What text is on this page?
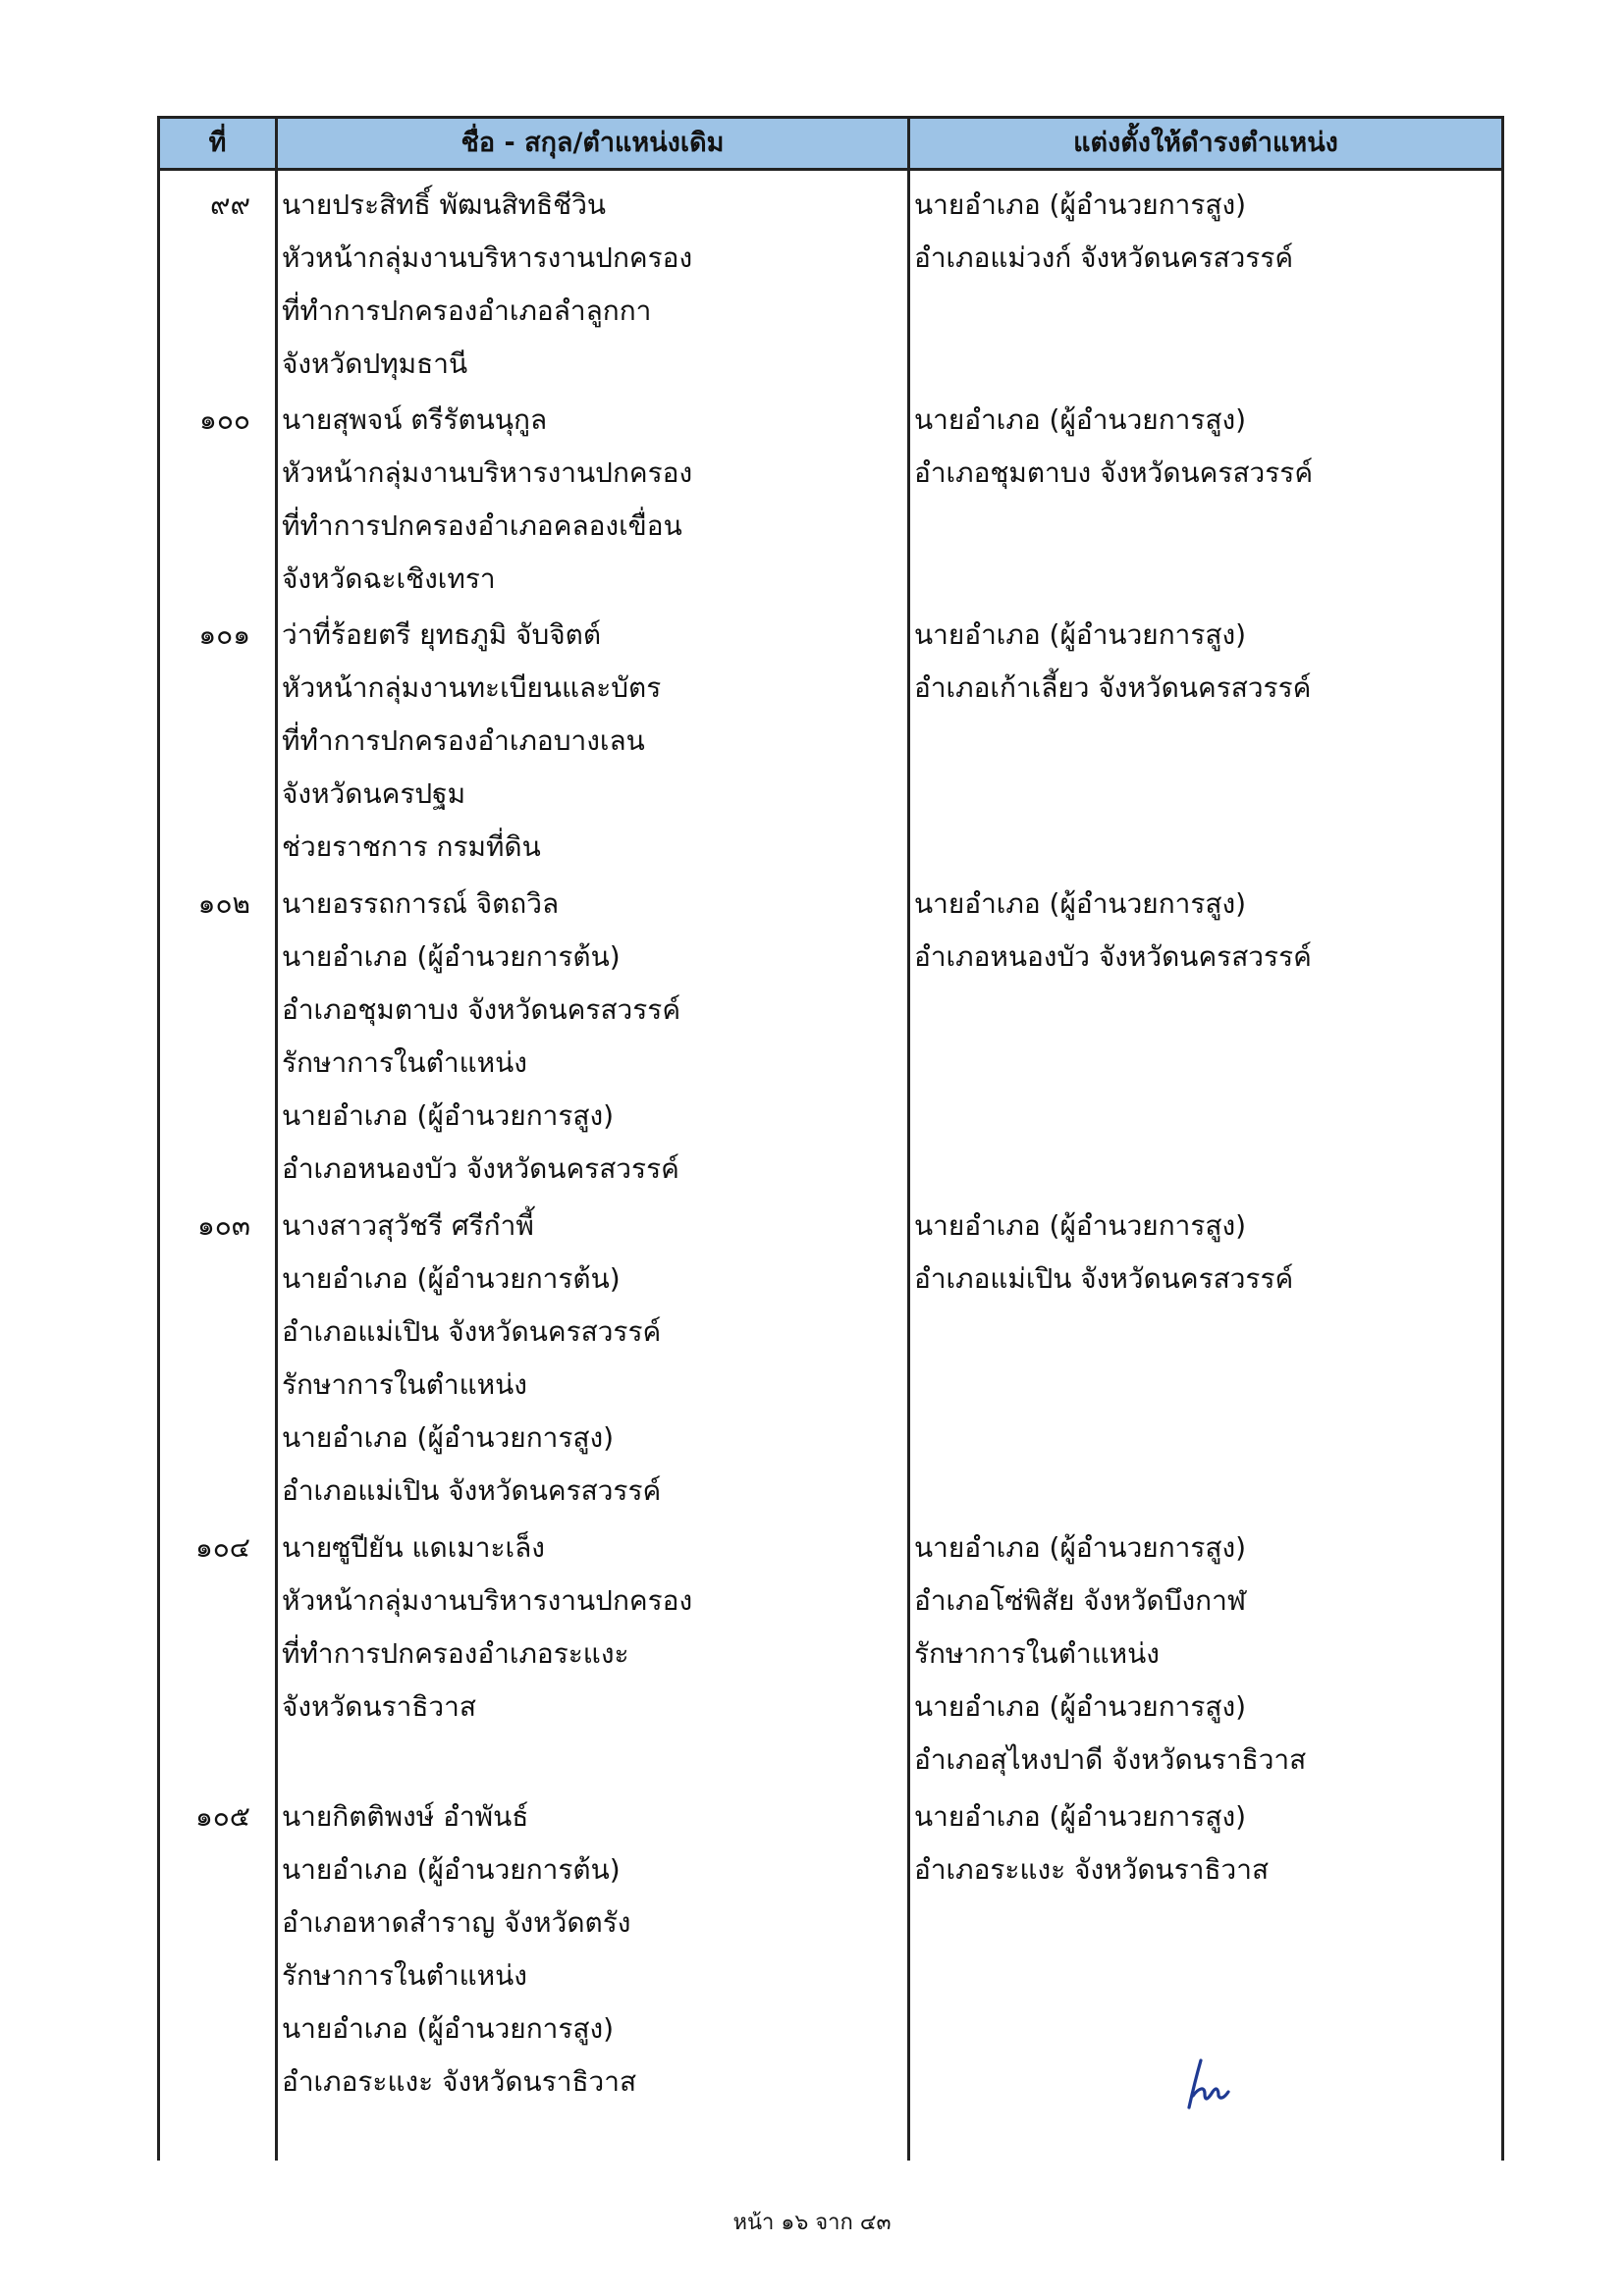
ที่	ชื่อ - สกุล/ตำแหน่งเดิม	แต่งตั้งให้ดำรงตำแหน่ง
๙๙ นายประสิทธิ์ พัฒนสิทธิชีวิน
หัวหน้ากลุ่มงานบริหารงานปกครอง
ที่ทำการปกครองอำเภอลำลูกกา
จังหวัดปทุมธานี
นายอำเภอ (ผู้อำนวยการสูง)
อำเภอแม่วงก์ จังหวัดนครสวรรค์
๑๐๐ นายสุพจน์ ตรีรัตนนุกูล
หัวหน้ากลุ่มงานบริหารงานปกครอง
ที่ทำการปกครองอำเภอคลองเขื่อน
จังหวัดฉะเชิงเทรา
นายอำเภอ (ผู้อำนวยการสูง)
อำเภอชุมตาบง จังหวัดนครสวรรค์
๑๐๑ ว่าที่ร้อยตรี ยุทธภูมิ จับจิตต์
หัวหน้ากลุ่มงานทะเบียนและบัตร
ที่ทำการปกครองอำเภอบางเลน
จังหวัดนครปฐม
ช่วยราชการ กรมที่ดิน
นายอำเภอ (ผู้อำนวยการสูง)
อำเภอเก้าเลี้ยว จังหวัดนครสวรรค์
๑๐๒ นายอรรถการณ์ จิตถวิล
นายอำเภอ (ผู้อำนวยการต้น)
อำเภอชุมตาบง จังหวัดนครสวรรค์
รักษาการในตำแหน่ง
นายอำเภอ (ผู้อำนวยการสูง)
อำเภอหนองบัว จังหวัดนครสวรรค์
นายอำเภอ (ผู้อำนวยการสูง)
อำเภอหนองบัว จังหวัดนครสวรรค์
๑๐๓ นางสาวสุวัชรี ศรีกำพี้
นายอำเภอ (ผู้อำนวยการต้น)
อำเภอแม่เปิน จังหวัดนครสวรรค์
รักษาการในตำแหน่ง
นายอำเภอ (ผู้อำนวยการสูง)
อำเภอแม่เปิน จังหวัดนครสวรรค์
นายอำเภอ (ผู้อำนวยการสูง)
อำเภอแม่เปิน จังหวัดนครสวรรค์
๑๐๔ นายซูปียัน แดเมาะเล็ง
หัวหน้ากลุ่มงานบริหารงานปกครอง
ที่ทำการปกครองอำเภอระแงะ
จังหวัดนราธิวาส
นายอำเภอ (ผู้อำนวยการสูง)
อำเภอโซ่พิสัย จังหวัดบึงกาฬ
รักษาการในตำแหน่ง
นายอำเภอ (ผู้อำนวยการสูง)
อำเภอสุไหงปาดี จังหวัดนราธิวาส
๑๐๕ นายกิตติพงษ์ อำพันธ์
นายอำเภอ (ผู้อำนวยการต้น)
อำเภอหาดสำราญ จังหวัดตรัง
รักษาการในตำแหน่ง
นายอำเภอ (ผู้อำนวยการสูง)
อำเภอระแงะ จังหวัดนราธิวาส
นายอำเภอ (ผู้อำนวยการสูง)
อำเภอระแงะ จังหวัดนราธิวาส
หน้า ๑๖ จาก ๔๓
